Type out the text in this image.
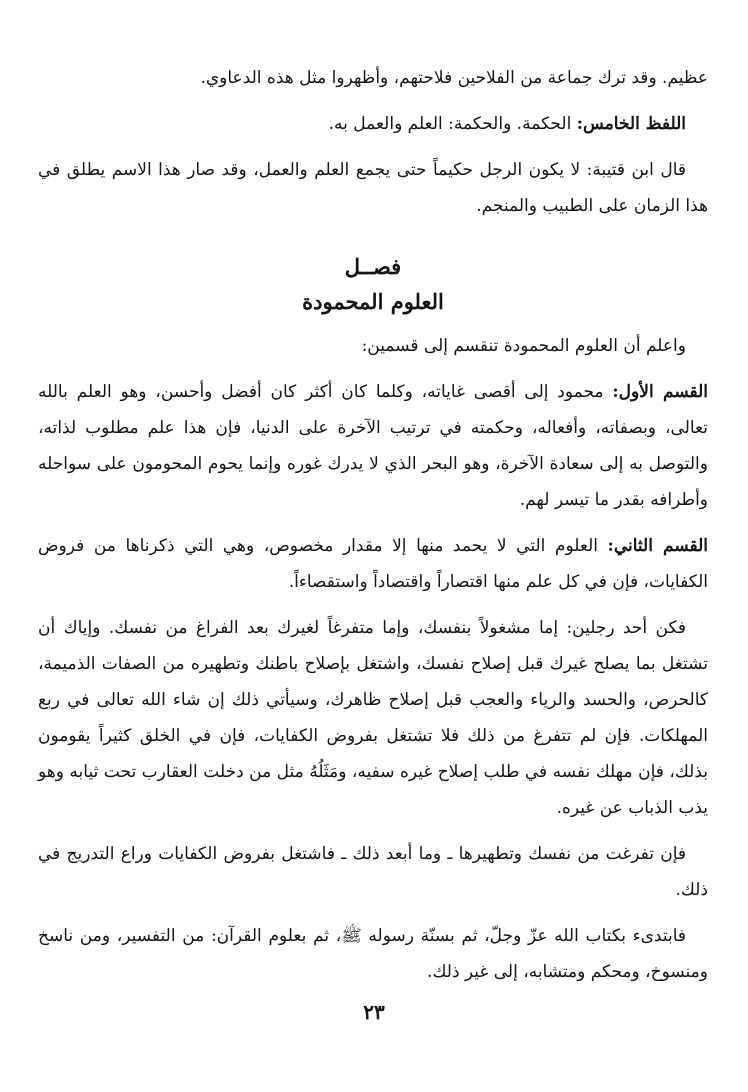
عظيم. وقد ترك جماعة من الفلاحين فلاحتهم، وأظهروا مثل هذه الدعاوي.

اللفظ الخامس: الحكمة. والحكمة: العلم والعمل به.

قال ابن قتيبة: لا يكون الرجل حكيماً حتى يجمع العلم والعمل، وقد صار هذا الاسم يطلق في هذا الزمان على الطبيب والمنجم.

فصــل
العلوم المحمودة

واعلم أن العلوم المحمودة تنقسم إلى قسمين:

القسم الأول: محمود إلى أقصى غاياته، وكلما كان أكثر كان أفضل وأحسن، وهو العلم بالله تعالى، وبصفاته، وأفعاله، وحكمته في ترتيب الآخرة على الدنيا، فإن هذا علم مطلوب لذاته، والتوصل به إلى سعادة الآخرة، وهو البحر الذي لا يدرك غوره وإنما يحوم المحومون على سواحله وأطرافه بقدر ما تيسر لهم.

القسم الثاني: العلوم التي لا يحمد منها إلا مقدار مخصوص، وهي التي ذكرناها من فروض الكفايات، فإن في كل علم منها اقتصاراً واقتصاداً واستقصاءاً.

فكن أحد رجلين: إما مشغولاً بنفسك، وإما متفرغاً لغيرك بعد الفراغ من نفسك. وإياك أن تشتغل بما يصلح غيرك قبل إصلاح نفسك، واشتغل بإصلاح باطنك وتطهيره من الصفات الذميمة، كالحرص، والحسد والرياء والعجب قبل إصلاح ظاهرك، وسيأتي ذلك إن شاء الله تعالى في ربع المهلكات. فإن لم تتفرغ من ذلك فلا تشتغل بفروض الكفايات، فإن في الخلق كثيراً يقومون بذلك، فإن مهلك نفسه في طلب إصلاح غيره سفيه، ومَثَلُهُ مثل من دخلت العقارب تحت ثيابه وهو يذب الذباب عن غيره.

فإن تفرغت من نفسك وتطهيرها ـ وما أبعد ذلك ـ فاشتغل بفروض الكفايات وراع التدريج في ذلك.

فابتدىء بكتاب الله عزّ وجلّ، ثم بسنّة رسوله ﷺ، ثم بعلوم القرآن: من التفسير، ومن ناسخ ومنسوخ، ومحكم ومتشابه، إلى غير ذلك.

٢٣
